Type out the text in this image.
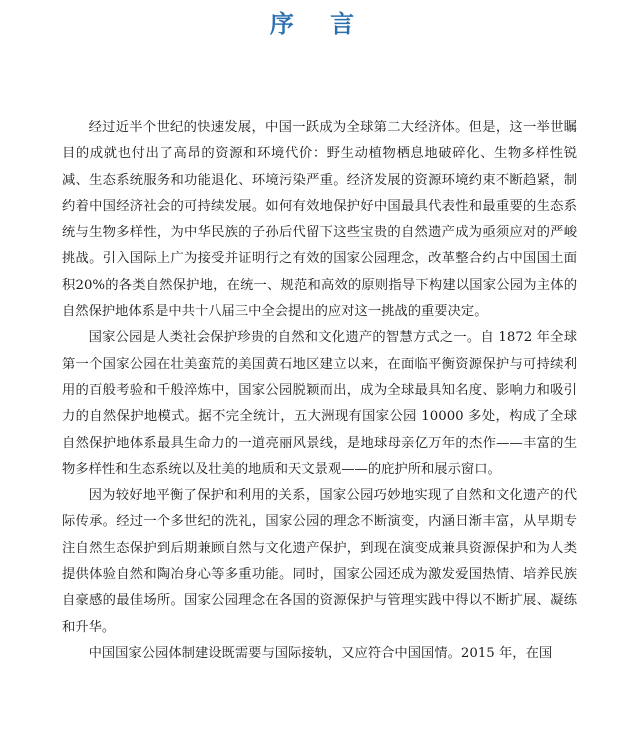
序 言

经过近半个世纪的快速发展，中国一跃成为全球第二大经济体。但是，这一举世瞩目的成就也付出了高昂的资源和环境代价：野生动植物栖息地破碎化、生物多样性锐减、生态系统服务和功能退化、环境污染严重。经济发展的资源环境约束不断趋紧，制约着中国经济社会的可持续发展。如何有效地保护好中国最具代表性和最重要的生态系统与生物多样性，为中华民族的子孙后代留下这些宝贵的自然遗产成为亟须应对的严峻挑战。引入国际上广为接受并证明行之有效的国家公园理念，改革整合约占中国国土面积20%的各类自然保护地，在统一、规范和高效的原则指导下构建以国家公园为主体的自然保护地体系是中共十八届三中全会提出的应对这一挑战的重要决定。

国家公园是人类社会保护珍贵的自然和文化遗产的智慧方式之一。自 1872 年全球第一个国家公园在壮美蛮荒的美国黄石地区建立以来，在面临平衡资源保护与可持续利用的百般考验和千般淬炼中，国家公园脱颖而出，成为全球最具知名度、影响力和吸引力的自然保护地模式。据不完全统计，五大洲现有国家公园 10000 多处，构成了全球自然保护地体系最具生命力的一道亮丽风景线，是地球母亲亿万年的杰作——丰富的生物多样性和生态系统以及壮美的地质和天文景观——的庇护所和展示窗口。

因为较好地平衡了保护和利用的关系，国家公园巧妙地实现了自然和文化遗产的代际传承。经过一个多世纪的洗礼，国家公园的理念不断演变，内涵日渐丰富，从早期专注自然生态保护到后期兼顾自然与文化遗产保护，到现在演变成兼具资源保护和为人类提供体验自然和陶冶身心等多重功能。同时，国家公园还成为激发爱国热情、培养民族自豪感的最佳场所。国家公园理念在各国的资源保护与管理实践中得以不断扩展、凝练和升华。

中国国家公园体制建设既需要与国际接轨，又应符合中国国情。2015 年，在国
